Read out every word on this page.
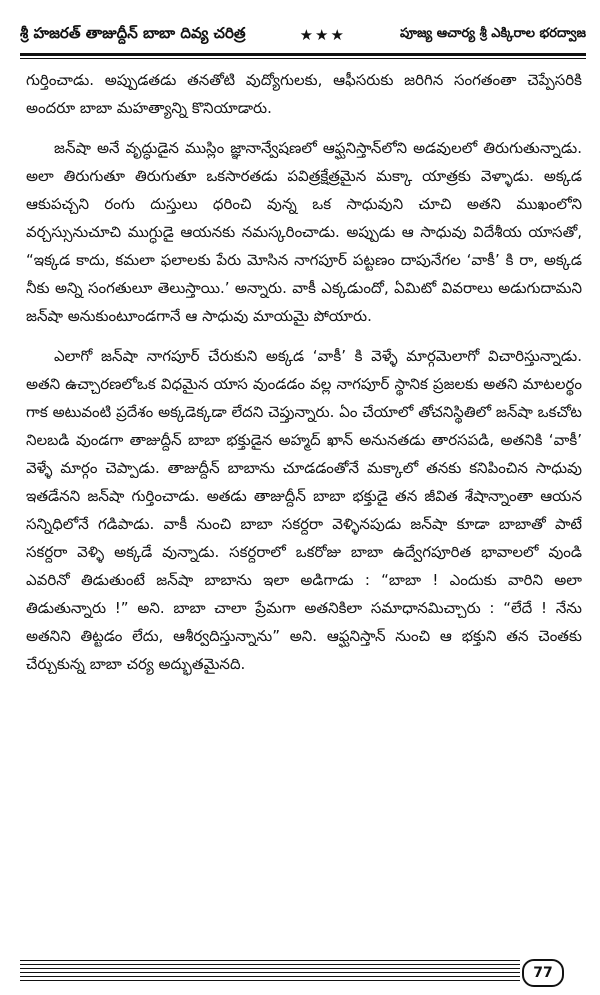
శ్రీ హజరత్ తాజుద్దీన్ బాబా దివ్య చరిత్ర	★★★	పూజ్య ఆచార్య శ్రీ ఎక్కిరాల భరద్వాజ

గుర్తించాడు. అప్పుడతడు తనతోటి వుద్యోగులకు, ఆఫీసరుకు జరిగిన సంగతంతా చెప్పేసరికి అందరూ బాబా మహత్యాన్ని కొనియాడారు.

జన్‌షా అనే వృద్ధుడైన ముస్లిం జ్ఞానాన్వేషణలో ఆఫ్ఘనిస్తాన్‌లోని అడవులలో తిరుగుతున్నాడు. అలా తిరుగుతూ తిరుగుతూ ఒకసారతడు పవిత్రక్షేత్రమైన మక్కా యాత్రకు వెళ్ళాడు. అక్కడ ఆకుపచ్చని రంగు దుస్తులు ధరించి వున్న ఒక సాధువుని చూచి అతని ముఖంలోని వర్చస్సునుచూచి ముగ్ధుడై ఆయనకు నమస్కరించాడు. అప్పుడు ఆ సాధువు విదేశీయ యాసతో, “ఇక్కడ కాదు, కమలా ఫలాలకు పేరు మోసిన నాగపూర్ పట్టణం దాపునేగల ‘వాకీ’ కి రా, అక్కడ నీకు అన్ని సంగతులూ తెలుస్తాయి.’ అన్నారు. వాకీ ఎక్కడుందో, ఏమిటో వివరాలు అడుగుదామని జన్‌షా అనుకుంటూండగానే ఆ సాధువు మాయమై పోయారు.

ఎలాగో జన్‌షా నాగపూర్ చేరుకుని అక్కడ ‘వాకీ’ కి వెళ్ళే మార్గమెలాగో విచారిస్తున్నాడు. అతని ఉచ్చారణలోఒక విధమైన యాస వుండడం వల్ల నాగపూర్ స్థానిక ప్రజలకు అతని మాటలర్థం గాక అటువంటి ప్రదేశం అక్కడెక్కడా లేదని చెప్తున్నారు. ఏం చేయాలో తోచనిస్థితిలో జన్‌షా ఒకచోట నిలబడి వుండగా తాజుద్దీన్ బాబా భక్తుడైన అహ్మద్ ఖాన్ అనునతడు తారసపడి, అతనికి ‘వాకీ’ వెళ్ళే మార్గం చెప్పాడు. తాజుద్దీన్ బాబాను చూడడంతోనే మక్కాలో తనకు కనిపించిన సాధువు ఇతడేనని జన్‌షా గుర్తించాడు. అతడు తాజుద్దీన్ బాబా భక్తుడై తన జీవిత శేషాన్నాంతా ఆయన సన్నిధిలోనే గడిపాడు. వాకీ నుంచి బాబా సకర్దరా వెళ్ళినపుడు జన్‌షా కూడా బాబాతో పాటే సకర్దరా వెళ్ళి అక్కడే వున్నాడు. సకర్దరాలో ఒకరోజు బాబా ఉద్వేగపూరిత భావాలలో వుండి ఎవరినో తిడుతుంటే జన్‌షా బాబాను ఇలా అడిగాడు : “బాబా ! ఎందుకు వారిని అలా తిడుతున్నారు !” అని. బాబా చాలా ప్రేమగా అతనికిలా సమాధానమిచ్చారు : “లేదే ! నేను అతనిని తిట్టడం లేదు, ఆశీర్వదిస్తున్నాను” అని. ఆఫ్ఘనిస్తాన్ నుంచి ఆ భక్తుని తన చెంతకు చేర్చుకున్న బాబా చర్య అద్భుతమైనది.

77
